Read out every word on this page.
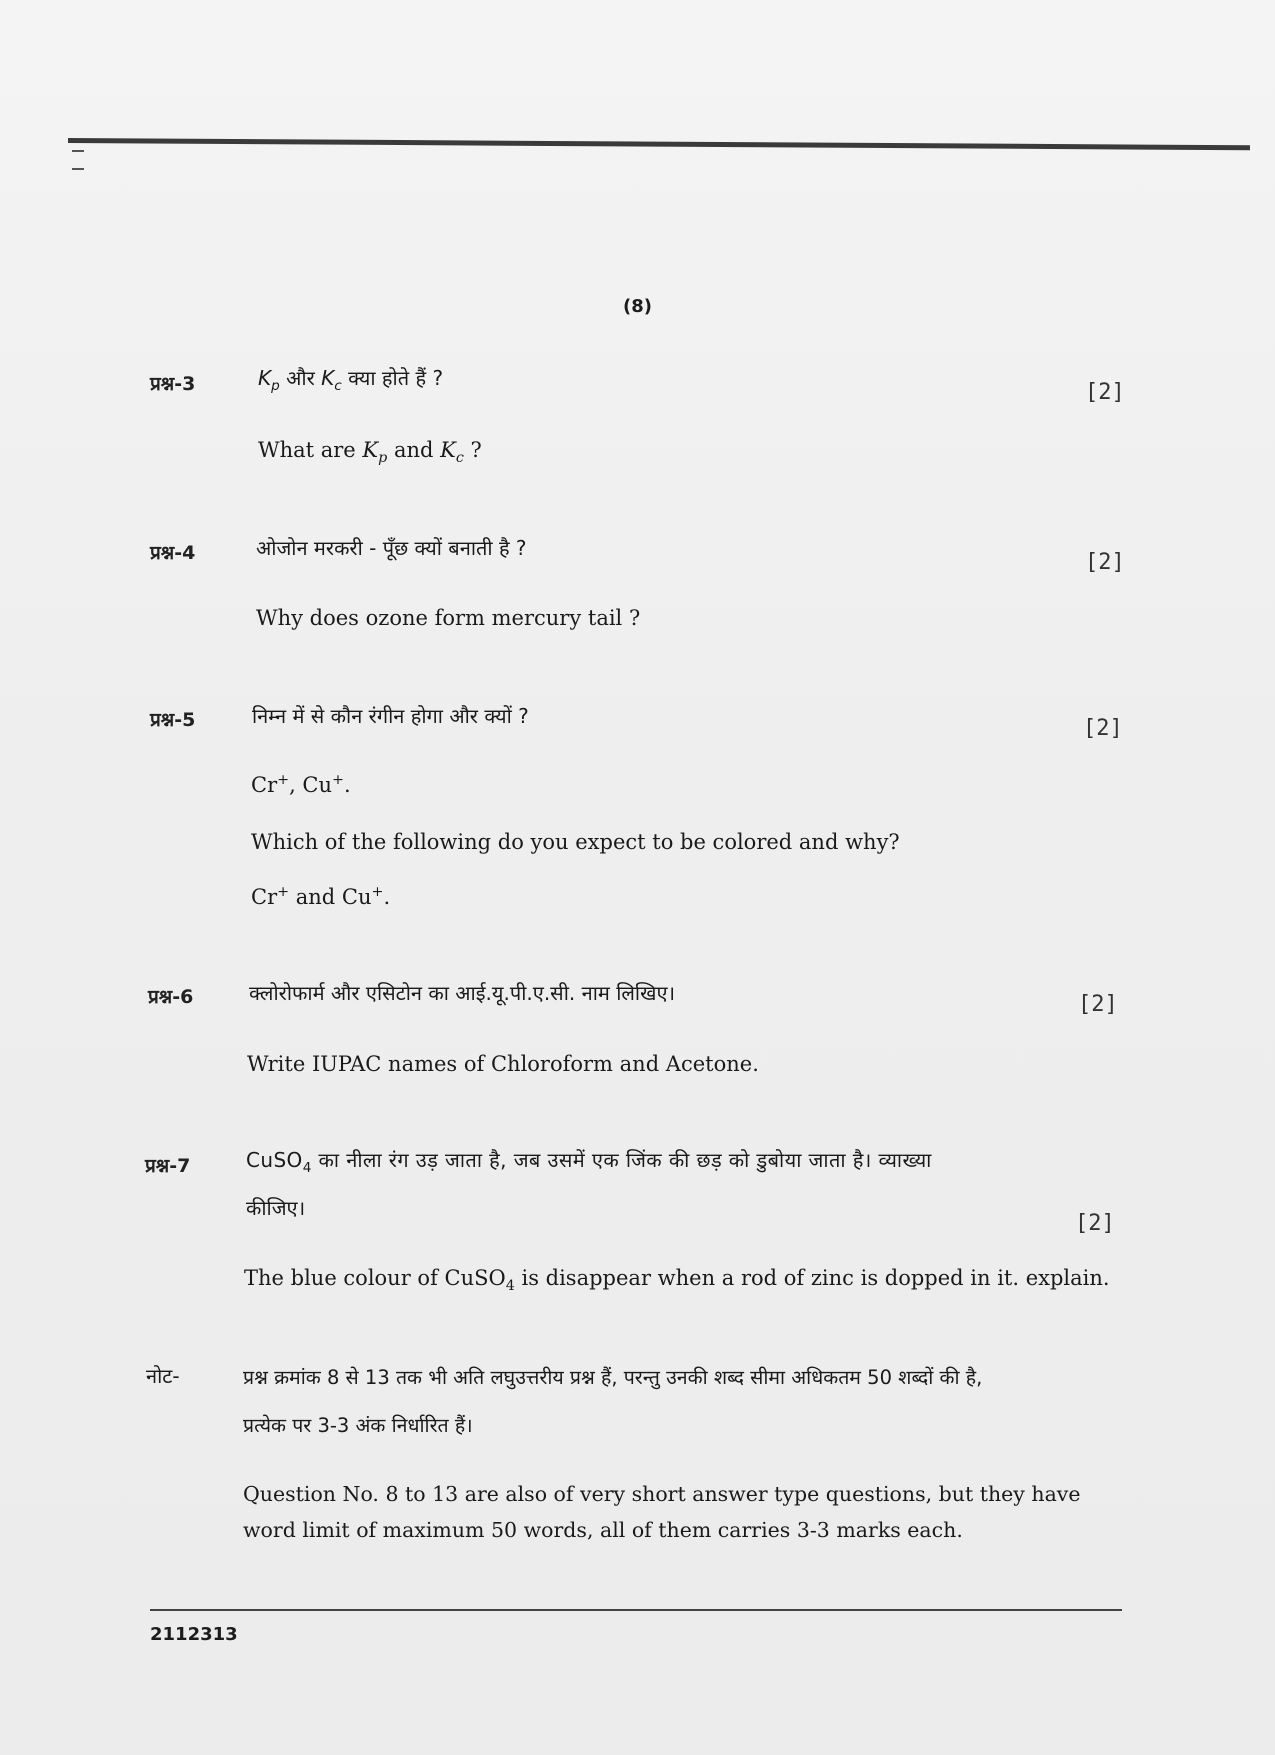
(8)
प्रश्न-3	$K_p$ और $K_c$ क्या होते हैं ?
[2]
What are $K_p$ and $K_c$ ?
प्रश्न-4	ओजोन मरकरी - पूँछ क्यों बनाती है ?
[2]
Why does ozone form mercury tail ?
प्रश्न-5	निम्न में से कौन रंगीन होगा और क्यों ?	[2]
Cr+, Cu+.
Which of the following do you expect to be colored and why?
Cr+ and Cu+.
प्रश्न-6	क्लोरोफार्म और एसिटोन का आई.यू.पी.ए.सी. नाम लिखिए।	[2]
Write IUPAC names of Chloroform and Acetone.
प्रश्न-7	CuSO$_4$ का नीला रंग उड़ जाता है, जब उसमें एक जिंक की छड़ को डुबोया जाता है। व्याख्या
कीजिए।
[2]
The blue colour of CuSO$_4$ is disappear when a rod of zinc is dopped in it. explain.
नोट-	प्रश्न क्रमांक 8 से 13 तक भी अति लघुउत्तरीय प्रश्न हैं, परन्तु उनकी शब्द सीमा अधिकतम 50 शब्दों की है,
प्रत्येक पर 3-3 अंक निर्धारित हैं।
Question No. 8 to 13 are also of very short answer type questions, but they have
word limit of maximum 50 words, all of them carries 3-3 marks each.
2112313
